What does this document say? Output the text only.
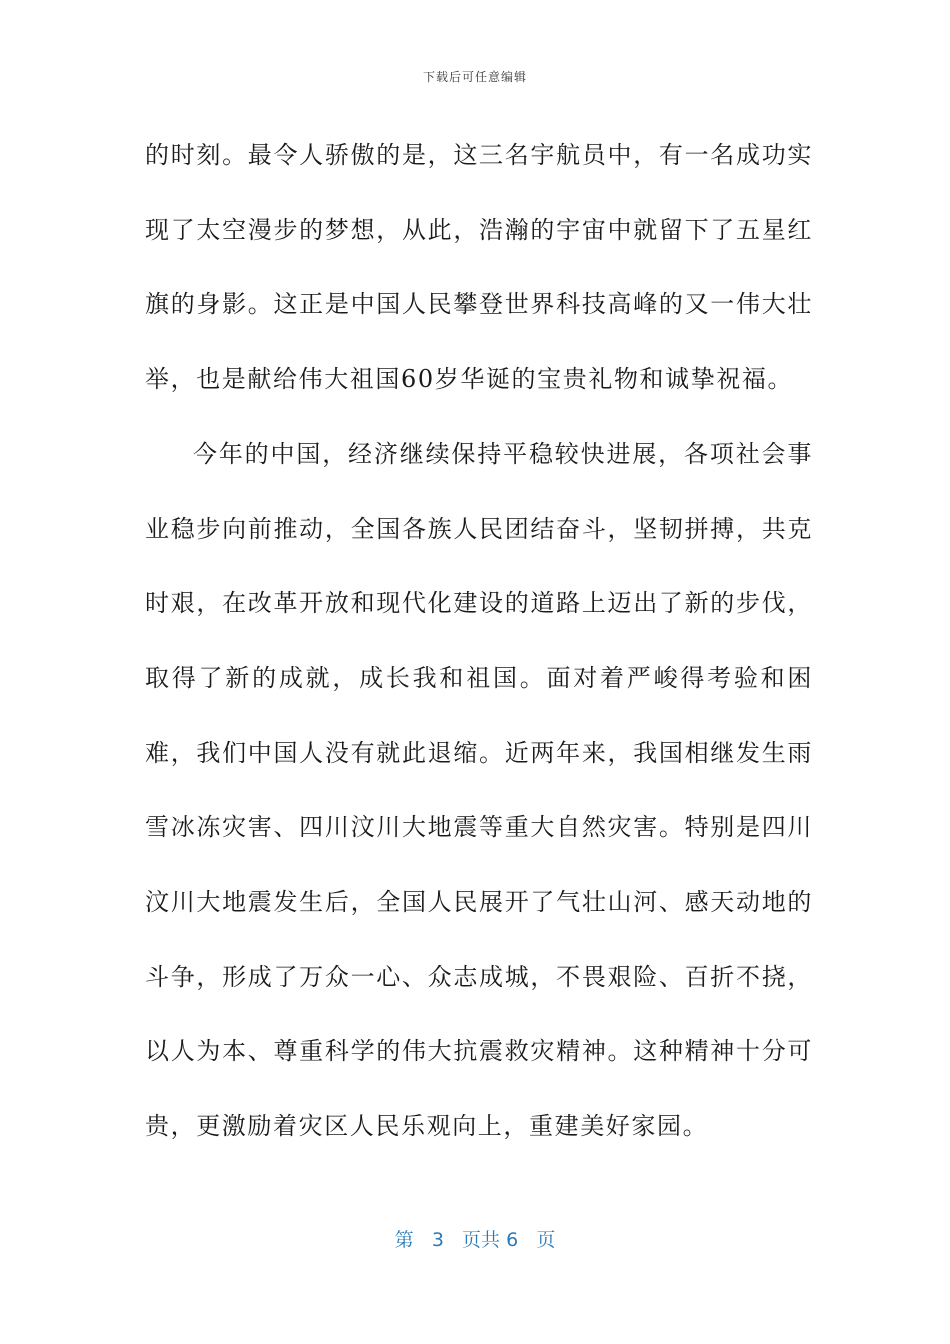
下载后可任意编辑

的时刻。最令人骄傲的是，这三名宇航员中，有一名成功实现了太空漫步的梦想，从此，浩瀚的宇宙中就留下了五星红旗的身影。这正是中国人民攀登世界科技高峰的又一伟大壮举，也是献给伟大祖国60岁华诞的宝贵礼物和诚挚祝福。

今年的中国，经济继续保持平稳较快进展，各项社会事业稳步向前推动，全国各族人民团结奋斗，坚韧拼搏，共克时艰，在改革开放和现代化建设的道路上迈出了新的步伐，取得了新的成就，成长我和祖国。面对着严峻得考验和困难，我们中国人没有就此退缩。近两年来，我国相继发生雨雪冰冻灾害、四川汶川大地震等重大自然灾害。特别是四川汶川大地震发生后，全国人民展开了气壮山河、感天动地的斗争，形成了万众一心、众志成城，不畏艰险、百折不挠，以人为本、尊重科学的伟大抗震救灾精神。这种精神十分可贵，更激励着灾区人民乐观向上，重建美好家园。

第 3 页共 6 页
